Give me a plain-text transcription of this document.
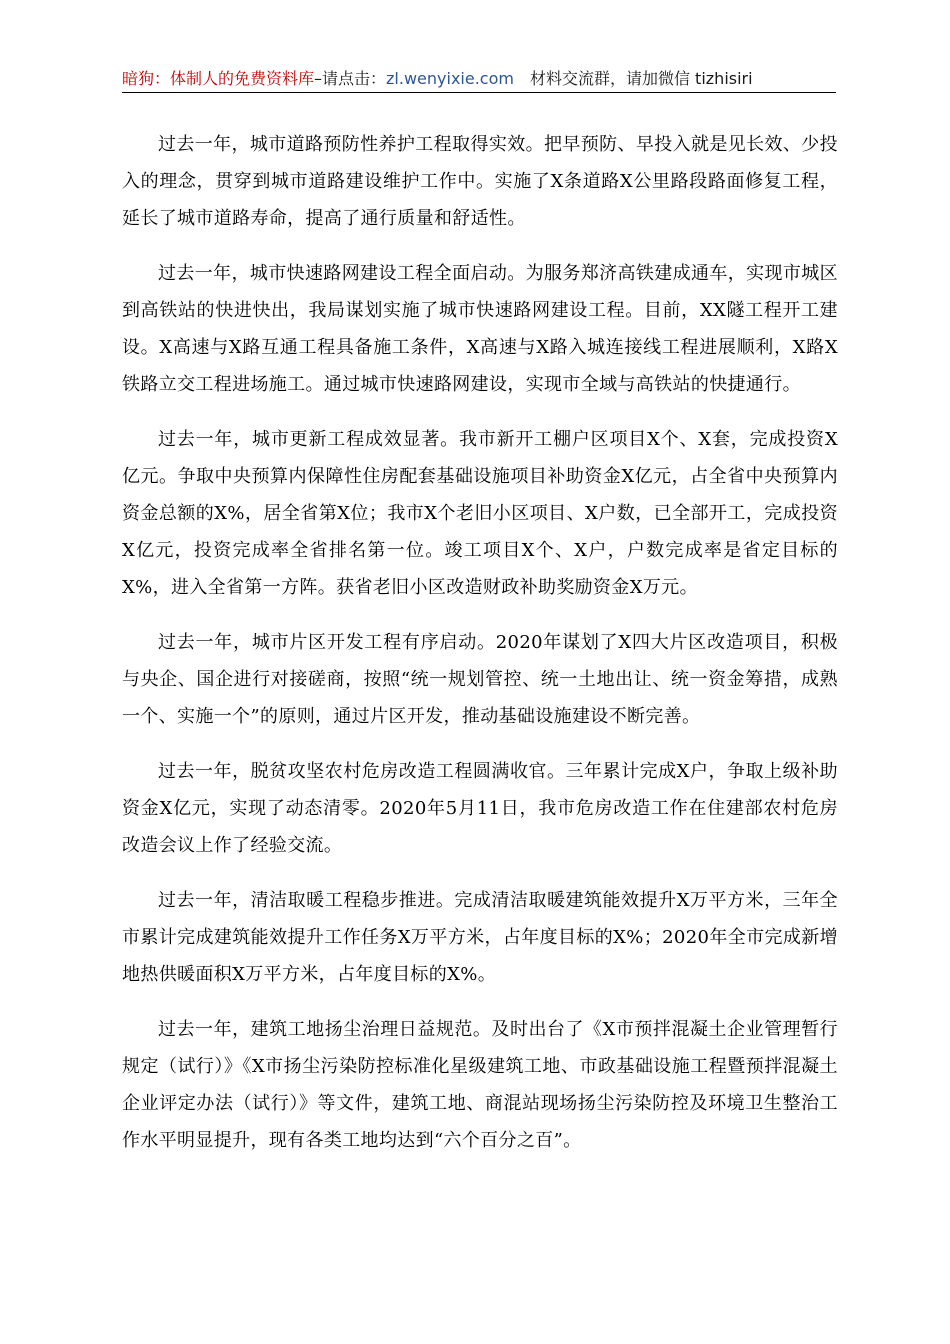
暗狗：体制人的免费资料库–请点击：zl.wenyixie.com 材料交流群，请加微信 tizhisiri

过去一年，城市道路预防性养护工程取得实效。把早预防、早投入就是见长效、少投入的理念，贯穿到城市道路建设维护工作中。实施了X条道路X公里路段路面修复工程，延长了城市道路寿命，提高了通行质量和舒适性。

过去一年，城市快速路网建设工程全面启动。为服务郑济高铁建成通车，实现市城区到高铁站的快进快出，我局谋划实施了城市快速路网建设工程。目前，XX隧工程开工建设。X高速与X路互通工程具备施工条件，X高速与X路入城连接线工程进展顺利，X路X铁路立交工程进场施工。通过城市快速路网建设，实现市全域与高铁站的快捷通行。

过去一年，城市更新工程成效显著。我市新开工棚户区项目X个、X套，完成投资X亿元。争取中央预算内保障性住房配套基础设施项目补助资金X亿元，占全省中央预算内资金总额的X%，居全省第X位；我市X个老旧小区项目、X户数，已全部开工，完成投资X亿元，投资完成率全省排名第一位。竣工项目X个、X户，户数完成率是省定目标的X%，进入全省第一方阵。获省老旧小区改造财政补助奖励资金X万元。

过去一年，城市片区开发工程有序启动。2020年谋划了X四大片区改造项目，积极与央企、国企进行对接磋商，按照“统一规划管控、统一土地出让、统一资金筹措，成熟一个、实施一个”的原则，通过片区开发，推动基础设施建设不断完善。

过去一年，脱贫攻坚农村危房改造工程圆满收官。三年累计完成X户，争取上级补助资金X亿元，实现了动态清零。2020年5月11日，我市危房改造工作在住建部农村危房改造会议上作了经验交流。

过去一年，清洁取暖工程稳步推进。完成清洁取暖建筑能效提升X万平方米，三年全市累计完成建筑能效提升工作任务X万平方米，占年度目标的X%；2020年全市完成新增地热供暖面积X万平方米，占年度目标的X%。

过去一年，建筑工地扬尘治理日益规范。及时出台了《X市预拌混凝土企业管理暂行规定（试行）》《X市扬尘污染防控标准化星级建筑工地、市政基础设施工程暨预拌混凝土企业评定办法（试行）》等文件，建筑工地、商混站现场扬尘污染防控及环境卫生整治工作水平明显提升，现有各类工地均达到“六个百分之百”。
